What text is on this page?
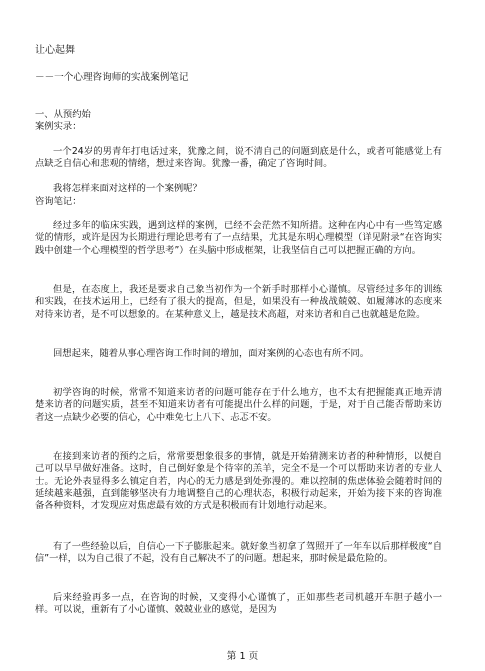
让心起舞

－－一个心理咨询师的实战案例笔记

一、从预约始

案例实录：

一个24岁的男青年打电话过来，犹豫之间，说不清自己的问题到底是什么，或者可能感觉上有点缺乏自信心和悲观的情绪，想过来咨询。犹豫一番，确定了咨询时间。

我将怎样来面对这样的一个案例呢？

咨询笔记：

经过多年的临床实践，遇到这样的案例，已经不会茫然不知所措。这种在内心中有一些笃定感觉的情形，或许是因为长期进行理论思考有了一点结果，尤其是东明心理模型（详见附录“在咨询实践中创建一个心理模型的哲学思考”）在头脑中形成框架，让我坚信自己可以把握正确的方向。

但是，在态度上，我还是要求自己象当初作为一个新手时那样小心谨慎。尽管经过多年的训练和实践，在技术运用上，已经有了很大的提高，但是，如果没有一种战战兢兢、如履薄冰的态度来对待来访者，是不可以想象的。在某种意义上，越是技术高超，对来访者和自己也就越是危险。

回想起来，随着从事心理咨询工作时间的增加，面对案例的心态也有所不同。

初学咨询的时候，常常不知道来访者的问题可能存在于什么地方，也不太有把握能真正地弄清楚来访者的问题实质，甚至不知道来访者有可能提出什么样的问题，于是，对于自己能否帮助来访者这一点缺少必要的信心，心中难免七上八下、忐忑不安。

在接到来访者的预约之后，常常要想象很多的事情，就是开始猜测来访者的种种情形，以便自己可以早早做好准备。这时，自己倒好象是个待宰的羔羊，完全不是一个可以帮助来访者的专业人士。无论外表显得多么镇定自若，内心的无力感是到处弥漫的。难以控制的焦虑体验会随着时间的延续越来越强，直到能够坚决有力地调整自己的心理状态，积极行动起来，开始为接下来的咨询准备各种资料，才发现应对焦虑最有效的方式是积极而有计划地行动起来。

有了一些经验以后，自信心一下子膨胀起来。就好象当初拿了驾照开了一年车以后那样极度“自信”一样，以为自己很了不起，没有自己解决不了的问题。想起来，那时候是最危险的。

后来经验再多一点，在咨询的时候，又变得小心谨慎了，正如那些老司机越开车胆子越小一样。可以说，重新有了小心谨慎、兢兢业业的感觉，是因为

第 1 页
